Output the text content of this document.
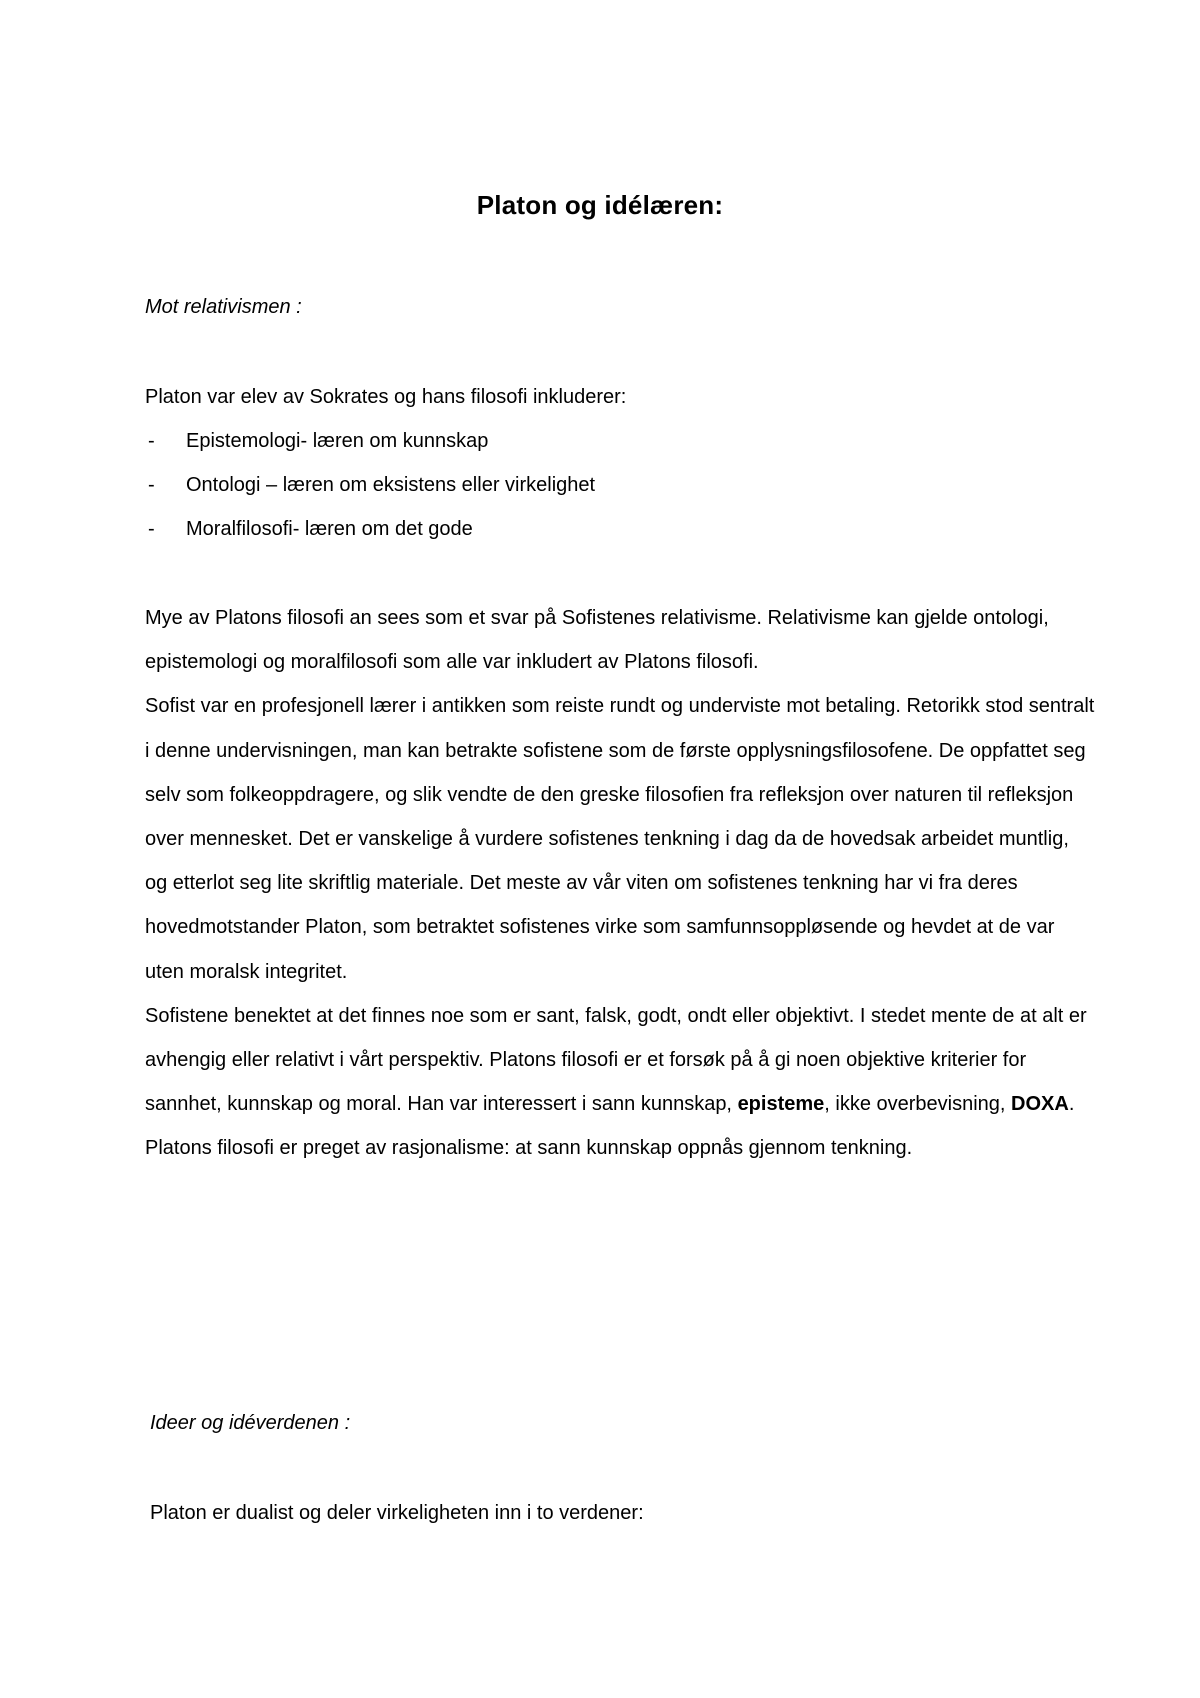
Platon og idélæren:
Mot relativismen :
Platon var elev av Sokrates og hans filosofi inkluderer:
- Epistemologi- læren om kunnskap
- Ontologi – læren om eksistens eller virkelighet
- Moralfilosofi- læren om det gode

Mye av Platons filosofi an sees som et svar på Sofistenes relativisme. Relativisme kan gjelde ontologi, epistemologi og moralfilosofi som alle var inkludert av Platons filosofi.

Sofist var en profesjonell lærer i antikken som reiste rundt og underviste mot betaling. Retorikk stod sentralt i denne undervisningen, man kan betrakte sofistene som de første opplysningsfilosofene. De oppfattet seg selv som folkeoppdragere, og slik vendte de den greske filosofien fra refleksjon over naturen til refleksjon over mennesket. Det er vanskelige å vurdere sofistenes tenkning i dag da de hovedsak arbeidet muntlig, og etterlot seg lite skriftlig materiale. Det meste av vår viten om sofistenes tenkning har vi fra deres hovedmotstander Platon, som betraktet sofistenes virke som samfunnsoppløsende og hevdet at de var uten moralsk integritet.

Sofistene benektet at det finnes noe som er sant, falsk, godt, ondt eller objektivt. I stedet mente de at alt er avhengig eller relativt i vårt perspektiv. Platons filosofi er et forsøk på å gi noen objektive kriterier for sannhet, kunnskap og moral. Han var interessert i sann kunnskap, episteme, ikke overbevisning, DOXA. Platons filosofi er preget av rasjonalisme: at sann kunnskap oppnås gjennom tenkning.

Ideer og idéverdenen :
Platon er dualist og deler virkeligheten inn i to verdener:
